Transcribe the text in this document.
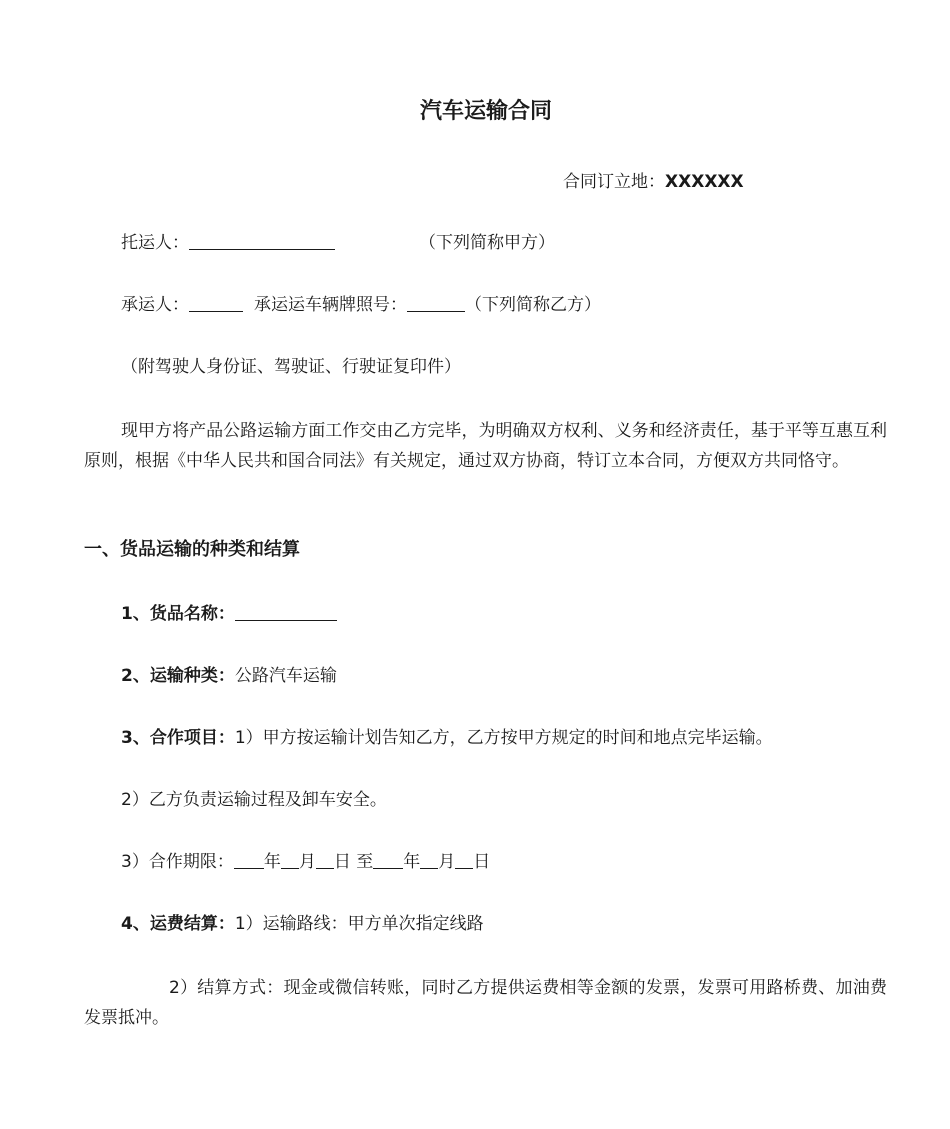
汽车运输合同
合同订立地：XXXXXX
托运人：	（下列简称甲方）
承运人：	承运运车辆牌照号：	（下列简称乙方）
（附驾驶人身份证、驾驶证、行驶证复印件）
现甲方将产品公路运输方面工作交由乙方完毕，为明确双方权利、义务和经济责任，基于平等互惠互利原则，根据《中华人民共和国合同法》有关规定，通过双方协商，特订立本合同，方便双方共同恪守。
一、货品运输的种类和结算
1、货品名称：
2、运输种类：公路汽车运输
3、合作项目：1）甲方按运输计划告知乙方，乙方按甲方规定的时间和地点完毕运输。
2）乙方负责运输过程及卸车安全。
3）合作期限： 年 月 日 至 年 月 日
4、运费结算：1）运输路线：甲方单次指定线路
2）结算方式：现金或微信转账，同时乙方提供运费相等金额的发票，发票可用路桥费、加油费发票抵冲。
